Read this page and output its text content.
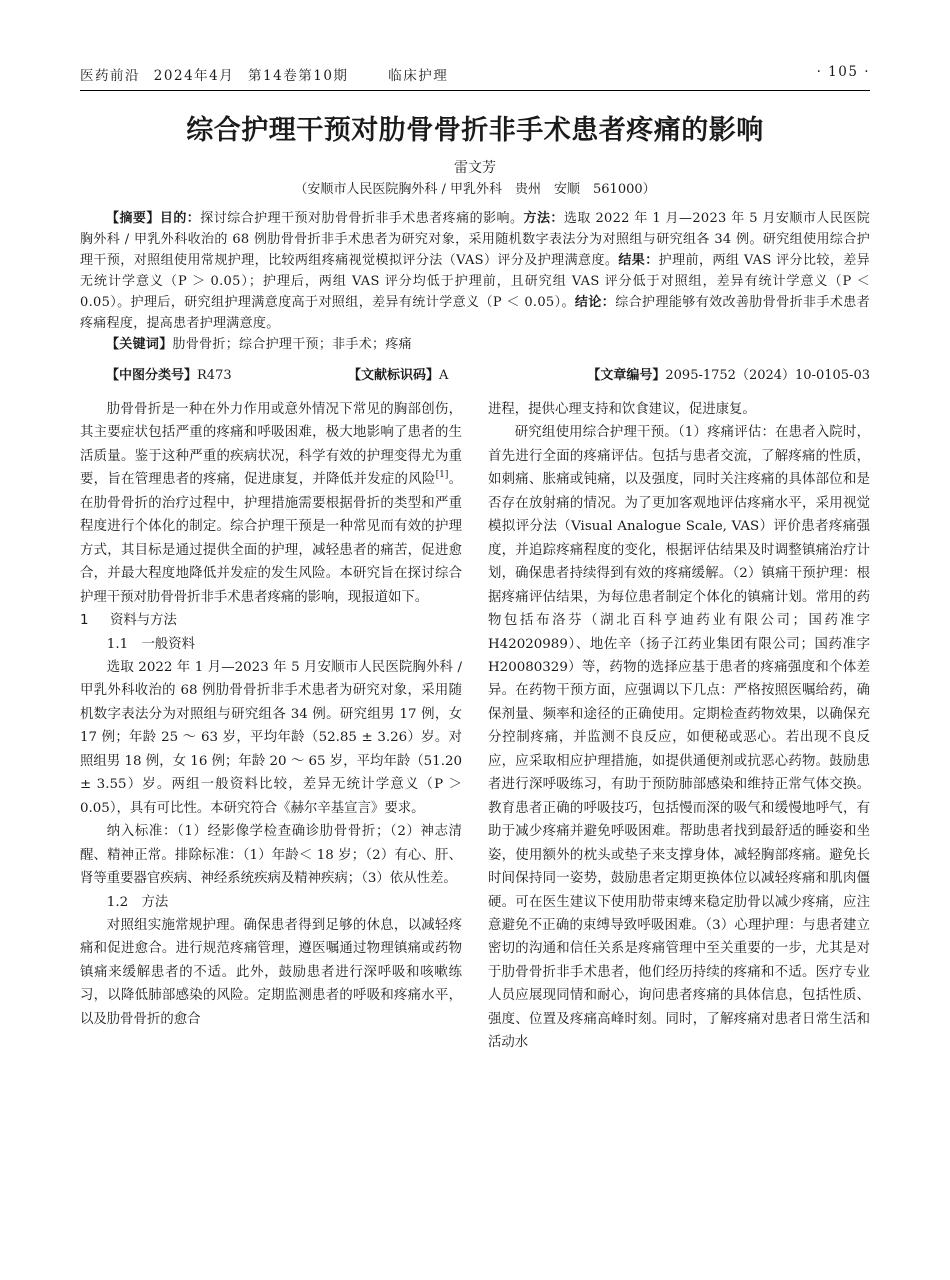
医药前沿 2024年4月 第14卷第10期	临床护理	· 105 ·
综合护理干预对肋骨骨折非手术患者疼痛的影响
雷文芳
（安顺市人民医院胸外科 / 甲乳外科　贵州　安顺　561000）

【摘要】目的：探讨综合护理干预对肋骨骨折非手术患者疼痛的影响。方法：选取 2022 年 1 月—2023 年 5 月安顺市人民医院胸外科 / 甲乳外科收治的 68 例肋骨骨折非手术患者为研究对象，采用随机数字表法分为对照组与研究组各 34 例。研究组使用综合护理干预，对照组使用常规护理，比较两组疼痛视觉模拟评分法（VAS）评分及护理满意度。结果：护理前，两组 VAS 评分比较，差异无统计学意义（P ＞ 0.05）；护理后，两组 VAS 评分均低于护理前，且研究组 VAS 评分低于对照组，差异有统计学意义（P ＜ 0.05）。护理后，研究组护理满意度高于对照组，差异有统计学意义（P ＜ 0.05）。结论：综合护理能够有效改善肋骨骨折非手术患者疼痛程度，提高患者护理满意度。

【关键词】肋骨骨折；综合护理干预；非手术；疼痛

【中图分类号】R473	【文献标识码】A	【文章编号】2095-1752（2024）10-0105-03

肋骨骨折是一种在外力作用或意外情况下常见的胸部创伤，其主要症状包括严重的疼痛和呼吸困难，极大地影响了患者的生活质量。鉴于这种严重的疾病状况，科学有效的护理变得尤为重要，旨在管理患者的疼痛，促进康复，并降低并发症的风险[1]。在肋骨骨折的治疗过程中，护理措施需要根据骨折的类型和严重程度进行个体化的制定。综合护理干预是一种常见而有效的护理方式，其目标是通过提供全面的护理，减轻患者的痛苦，促进愈合，并最大程度地降低并发症的发生风险。本研究旨在探讨综合护理干预对肋骨骨折非手术患者疼痛的影响，现报道如下。

1 资料与方法

1.1　一般资料

选取 2022 年 1 月—2023 年 5 月安顺市人民医院胸外科 / 甲乳外科收治的 68 例肋骨骨折非手术患者为研究对象，采用随机数字表法分为对照组与研究组各 34 例。研究组男 17 例，女 17 例；年龄 25 ～ 63 岁，平均年龄（52.85 ± 3.26）岁。对照组男 18 例，女 16 例；年龄 20 ～ 65 岁，平均年龄（51.20 ± 3.55）岁。两组一般资料比较，差异无统计学意义（P ＞ 0.05），具有可比性。本研究符合《赫尔辛基宣言》要求。

纳入标准：（1）经影像学检查确诊肋骨骨折；（2）神志清醒、精神正常。排除标准：（1）年龄＜ 18 岁；（2）有心、肝、肾等重要器官疾病、神经系统疾病及精神疾病；（3）依从性差。

1.2　方法

对照组实施常规护理。确保患者得到足够的休息，以减轻疼痛和促进愈合。进行规范疼痛管理，遵医嘱通过物理镇痛或药物镇痛来缓解患者的不适。此外，鼓励患者进行深呼吸和咳嗽练习，以降低肺部感染的风险。定期监测患者的呼吸和疼痛水平，以及肋骨骨折的愈合

进程，提供心理支持和饮食建议，促进康复。

研究组使用综合护理干预。（1）疼痛评估：在患者入院时，首先进行全面的疼痛评估。包括与患者交流，了解疼痛的性质，如刺痛、胀痛或钝痛，以及强度，同时关注疼痛的具体部位和是否存在放射痛的情况。为了更加客观地评估疼痛水平，采用视觉模拟评分法（Visual Analogue Scale, VAS）评价患者疼痛强度，并追踪疼痛程度的变化，根据评估结果及时调整镇痛治疗计划，确保患者持续得到有效的疼痛缓解。（2）镇痛干预护理：根据疼痛评估结果，为每位患者制定个体化的镇痛计划。常用的药物包括布洛芬（湖北百科亨迪药业有限公司；国药准字 H42020989）、地佐辛（扬子江药业集团有限公司；国药准字 H20080329）等，药物的选择应基于患者的疼痛强度和个体差异。在药物干预方面，应强调以下几点：严格按照医嘱给药，确保剂量、频率和途径的正确使用。定期检查药物效果，以确保充分控制疼痛，并监测不良反应，如便秘或恶心。若出现不良反应，应采取相应护理措施，如提供通便剂或抗恶心药物。鼓励患者进行深呼吸练习，有助于预防肺部感染和维持正常气体交换。教育患者正确的呼吸技巧，包括慢而深的吸气和缓慢地呼气，有助于减少疼痛并避免呼吸困难。帮助患者找到最舒适的睡姿和坐姿，使用额外的枕头或垫子来支撑身体，减轻胸部疼痛。避免长时间保持同一姿势，鼓励患者定期更换体位以减轻疼痛和肌肉僵硬。可在医生建议下使用肋带束缚来稳定肋骨以减少疼痛，应注意避免不正确的束缚导致呼吸困难。（3）心理护理：与患者建立密切的沟通和信任关系是疼痛管理中至关重要的一步，尤其是对于肋骨骨折非手术患者，他们经历持续的疼痛和不适。医疗专业人员应展现同情和耐心，询问患者疼痛的具体信息，包括性质、强度、位置及疼痛高峰时刻。同时，了解疼痛对患者日常生活和活动水
